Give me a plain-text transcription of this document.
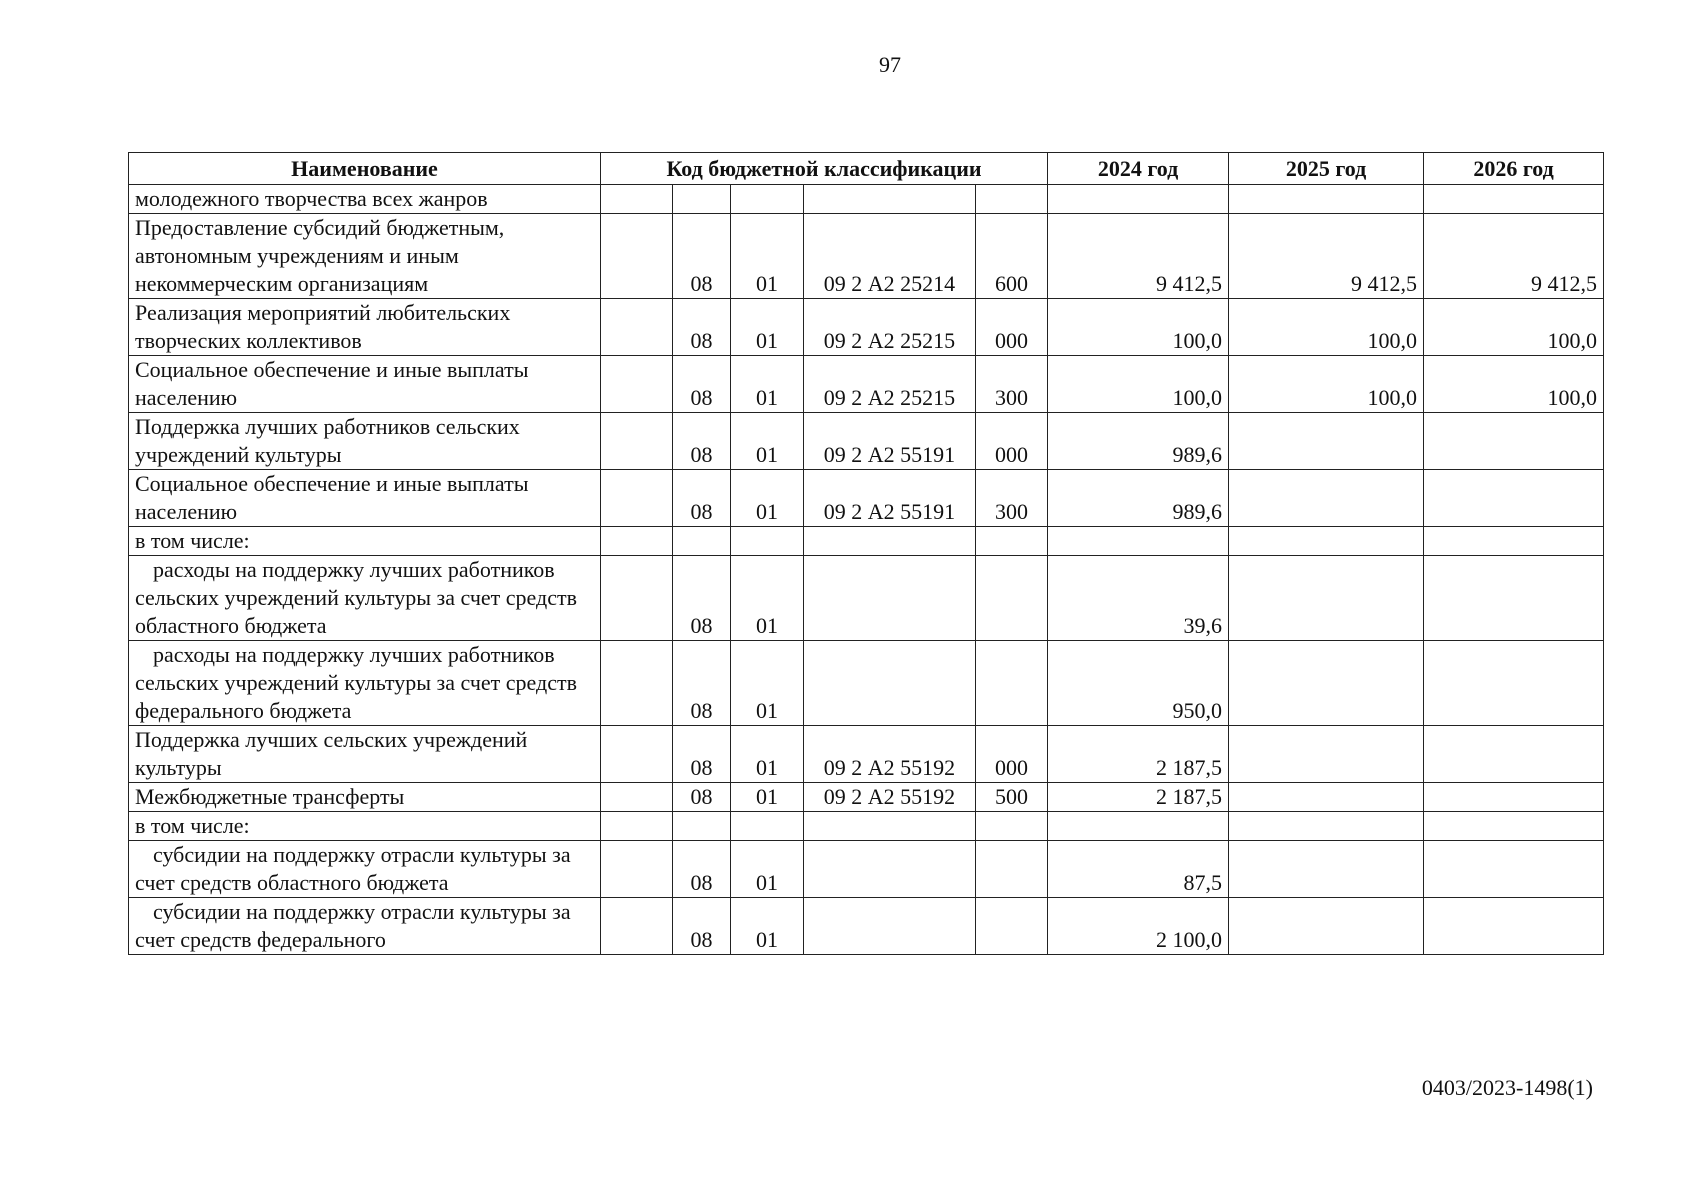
97
Наименование	Код бюджетной классификации					2024 год	2025 год	2026 год
молодежного творчества всех жанров								
Предоставление субсидий бюджетным, автономным учреждениям и иным некоммерческим организациям		08	01	09 2 А2 25214	600	9 412,5	9 412,5	9 412,5
Реализация мероприятий любительских творческих коллективов		08	01	09 2 А2 25215	000	100,0	100,0	100,0
Социальное обеспечение и иные выплаты населению		08	01	09 2 А2 25215	300	100,0	100,0	100,0
Поддержка лучших работников сельских учреждений культуры		08	01	09 2 А2 55191	000	989,6		
Социальное обеспечение и иные выплаты населению		08	01	09 2 А2 55191	300	989,6		
в том числе:								
расходы на поддержку лучших работников сельских учреждений культуры за счет средств областного бюджета		08	01			39,6		
расходы на поддержку лучших работников сельских учреждений культуры за счет средств федерального бюджета		08	01			950,0		
Поддержка лучших сельских учреждений культуры		08	01	09 2 А2 55192	000	2 187,5		
Межбюджетные трансферты		08	01	09 2 А2 55192	500	2 187,5		
в том числе:								
субсидии на поддержку отрасли культуры за счет средств областного бюджета		08	01			87,5		
субсидии на поддержку отрасли культуры за счет средств федерального		08	01			2 100,0		
0403/2023-1498(1)
